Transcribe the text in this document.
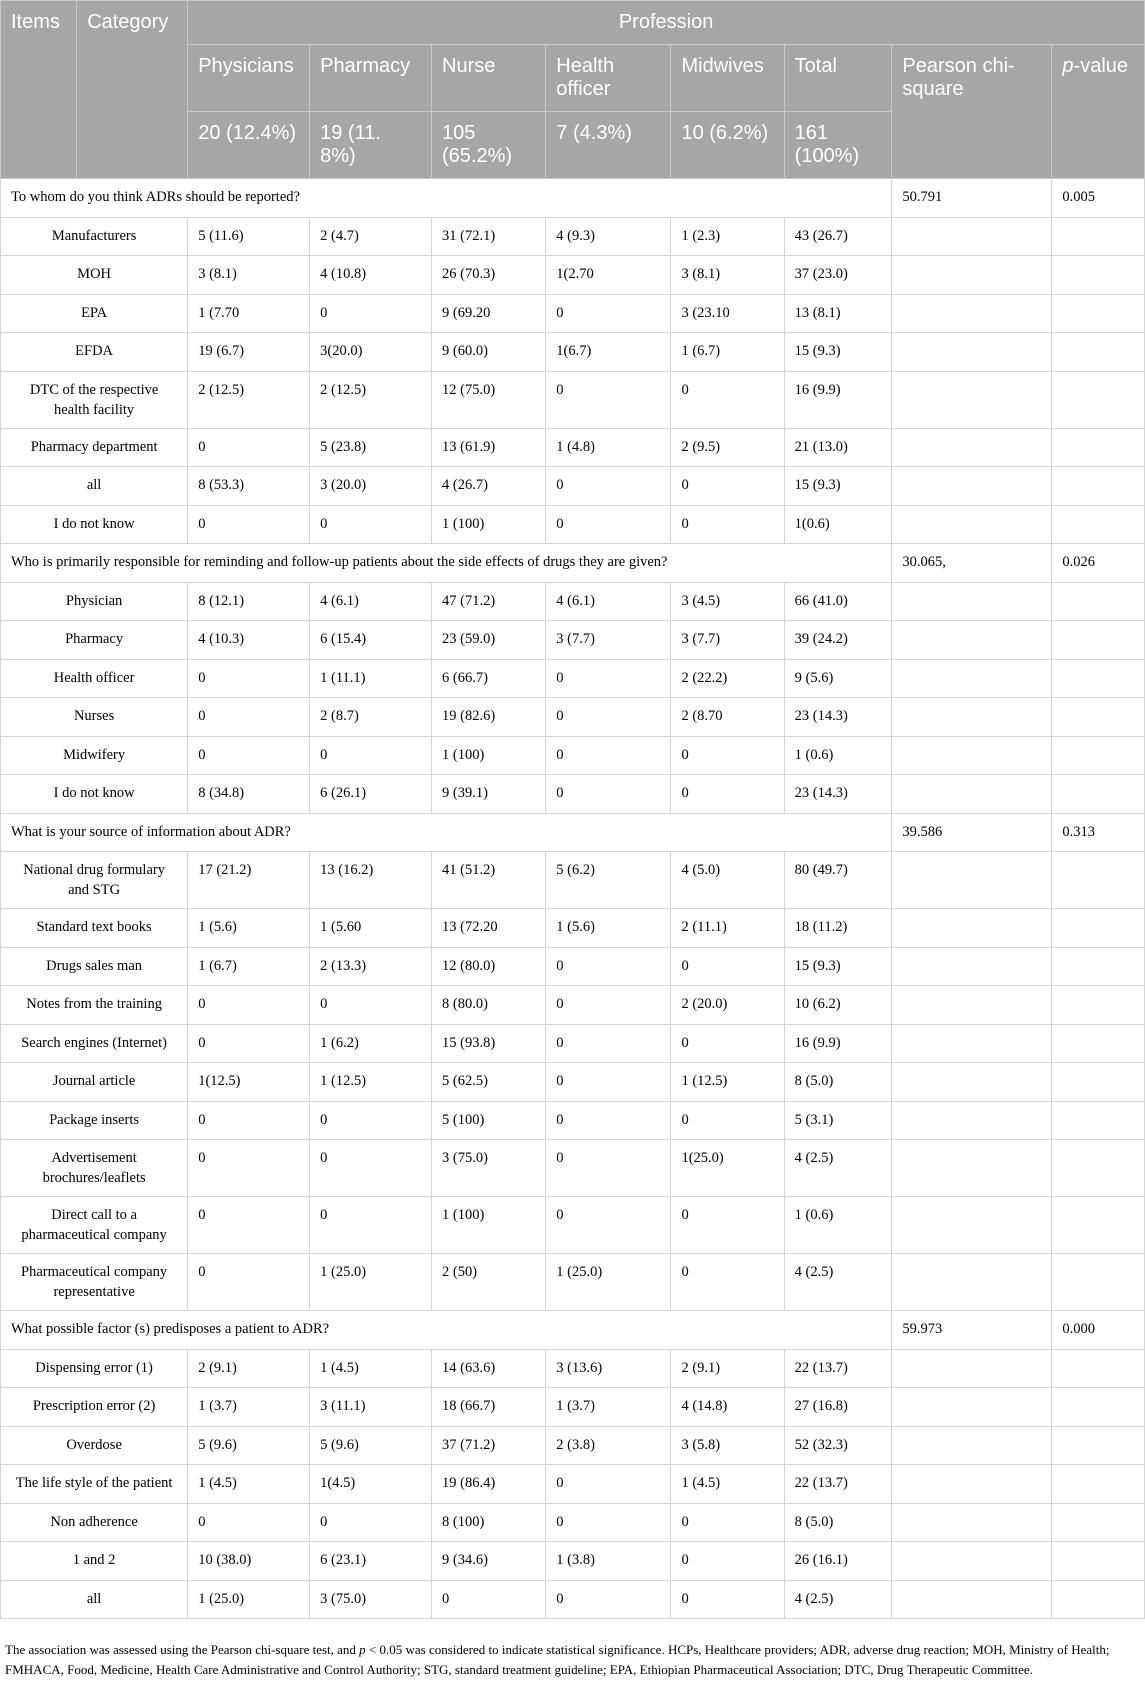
Items	Category	Profession							
		Physicians	Pharmacy	Nurse	Health officer	Midwives	Total	Pearson chi-square	p-value
		20 (12.4%)	19 (11. 8%)	105 (65.2%)	7 (4.3%)	10 (6.2%)	161 (100%)		
To whom do you think ADRs should be reported?								50.791	0.005
Manufacturers		5 (11.6)	2 (4.7)	31 (72.1)	4 (9.3)	1 (2.3)	43 (26.7)		
MOH		3 (8.1)	4 (10.8)	26 (70.3)	1(2.70	3 (8.1)	37 (23.0)		
EPA		1 (7.70	0	9 (69.20	0	3 (23.10	13 (8.1)		
EFDA		19 (6.7)	3(20.0)	9 (60.0)	1(6.7)	1 (6.7)	15 (9.3)		
DTC of the respective health facility		2 (12.5)	2 (12.5)	12 (75.0)	0	0	16 (9.9)		
Pharmacy department		0	5 (23.8)	13 (61.9)	1 (4.8)	2 (9.5)	21 (13.0)		
all		8 (53.3)	3 (20.0)	4 (26.7)	0	0	15 (9.3)		
I do not know		0	0	1 (100)	0	0	1(0.6)		
Who is primarily responsible for reminding and follow-up patients about the side effects of drugs they are given?								30.065,	0.026
Physician		8 (12.1)	4 (6.1)	47 (71.2)	4 (6.1)	3 (4.5)	66 (41.0)		
Pharmacy		4 (10.3)	6 (15.4)	23 (59.0)	3 (7.7)	3 (7.7)	39 (24.2)		
Health officer		0	1 (11.1)	6 (66.7)	0	2 (22.2)	9 (5.6)		
Nurses		0	2 (8.7)	19 (82.6)	0	2 (8.70	23 (14.3)		
Midwifery		0	0	1 (100)	0	0	1 (0.6)		
I do not know		8 (34.8)	6 (26.1)	9 (39.1)	0	0	23 (14.3)		
What is your source of information about ADR?								39.586	0.313
National drug formulary and STG		17 (21.2)	13 (16.2)	41 (51.2)	5 (6.2)	4 (5.0)	80 (49.7)		
Standard text books		1 (5.6)	1 (5.60	13 (72.20	1 (5.6)	2 (11.1)	18 (11.2)		
Drugs sales man		1 (6.7)	2 (13.3)	12 (80.0)	0	0	15 (9.3)		
Notes from the training		0	0	8 (80.0)	0	2 (20.0)	10 (6.2)		
Search engines (Internet)		0	1 (6.2)	15 (93.8)	0	0	16 (9.9)		
Journal article		1(12.5)	1 (12.5)	5 (62.5)	0	1 (12.5)	8 (5.0)		
Package inserts		0	0	5 (100)	0	0	5 (3.1)		
Advertisement brochures/leaflets		0	0	3 (75.0)	0	1(25.0)	4 (2.5)		
Direct call to a pharmaceutical company		0	0	1 (100)	0	0	1 (0.6)		
Pharmaceutical company representative		0	1 (25.0)	2 (50)	1 (25.0)	0	4 (2.5)		
What possible factor (s) predisposes a patient to ADR?								59.973	0.000
Dispensing error (1)		2 (9.1)	1 (4.5)	14 (63.6)	3 (13.6)	2 (9.1)	22 (13.7)		
Prescription error (2)		1 (3.7)	3 (11.1)	18 (66.7)	1 (3.7)	4 (14.8)	27 (16.8)		
Overdose		5 (9.6)	5 (9.6)	37 (71.2)	2 (3.8)	3 (5.8)	52 (32.3)		
The life style of the patient		1 (4.5)	1(4.5)	19 (86.4)	0	1 (4.5)	22 (13.7)		
Non adherence		0	0	8 (100)	0	0	8 (5.0)		
1 and 2		10 (38.0)	6 (23.1)	9 (34.6)	1 (3.8)	0	26 (16.1)		
all		1 (25.0)	3 (75.0)	0	0	0	4 (2.5)		
The association was assessed using the Pearson chi-square test, and p < 0.05 was considered to indicate statistical significance. HCPs, Healthcare providers; ADR, adverse drug reaction; MOH, Ministry of Health; FMHACA, Food, Medicine, Health Care Administrative and Control Authority; STG, standard treatment guideline; EPA, Ethiopian Pharmaceutical Association; DTC, Drug Therapeutic Committee.
